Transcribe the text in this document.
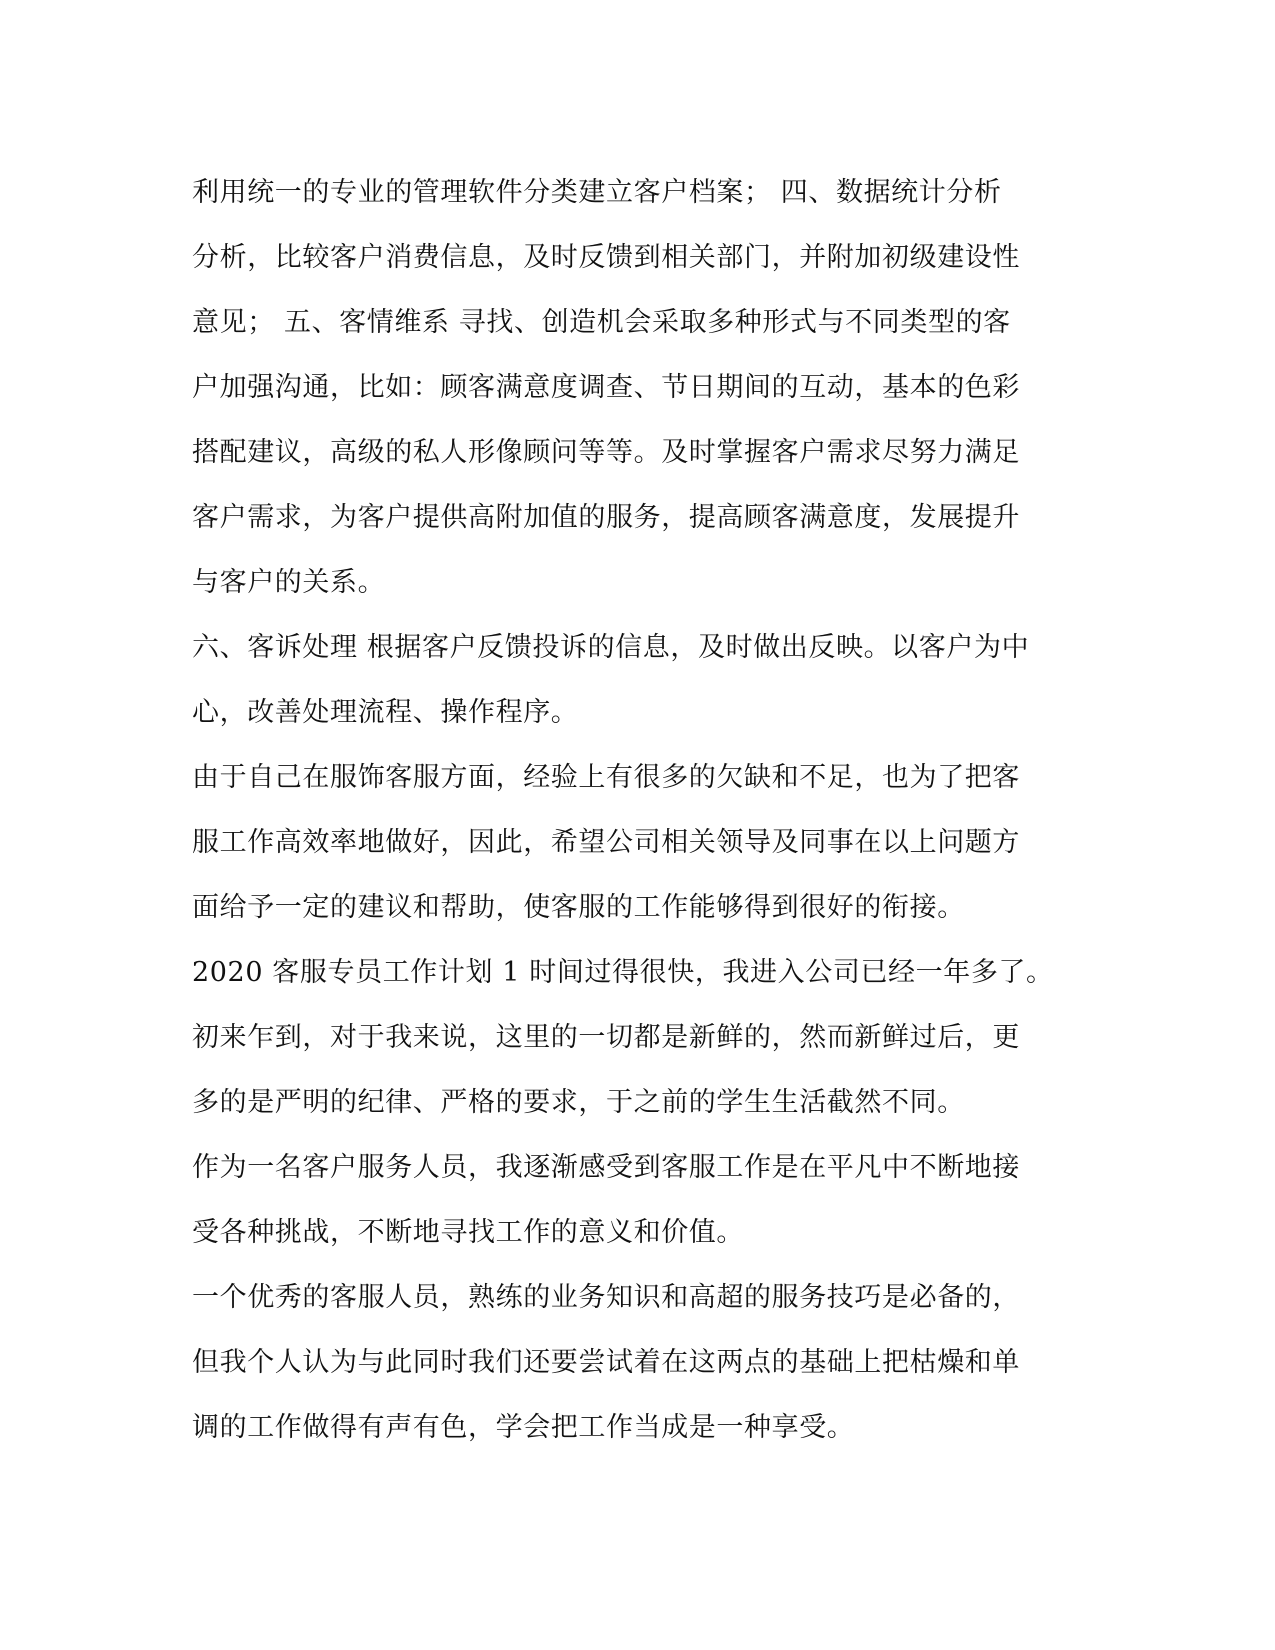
利用统一的专业的管理软件分类建立客户档案； 四、数据统计分析
分析，比较客户消费信息，及时反馈到相关部门，并附加初级建设性
意见； 五、客情维系 寻找、创造机会采取多种形式与不同类型的客
户加强沟通，比如：顾客满意度调查、节日期间的互动，基本的色彩
搭配建议，高级的私人形像顾问等等。及时掌握客户需求尽努力满足
客户需求，为客户提供高附加值的服务，提高顾客满意度，发展提升
与客户的关系。
六、客诉处理 根据客户反馈投诉的信息，及时做出反映。以客户为中
心，改善处理流程、操作程序。
由于自己在服饰客服方面，经验上有很多的欠缺和不足，也为了把客
服工作高效率地做好，因此，希望公司相关领导及同事在以上问题方
面给予一定的建议和帮助，使客服的工作能够得到很好的衔接。
2020 客服专员工作计划 1 时间过得很快，我进入公司已经一年多了。
初来乍到，对于我来说，这里的一切都是新鲜的，然而新鲜过后，更
多的是严明的纪律、严格的要求，于之前的学生生活截然不同。
作为一名客户服务人员，我逐渐感受到客服工作是在平凡中不断地接
受各种挑战，不断地寻找工作的意义和价值。
一个优秀的客服人员，熟练的业务知识和高超的服务技巧是必备的，
但我个人认为与此同时我们还要尝试着在这两点的基础上把枯燥和单
调的工作做得有声有色，学会把工作当成是一种享受。
